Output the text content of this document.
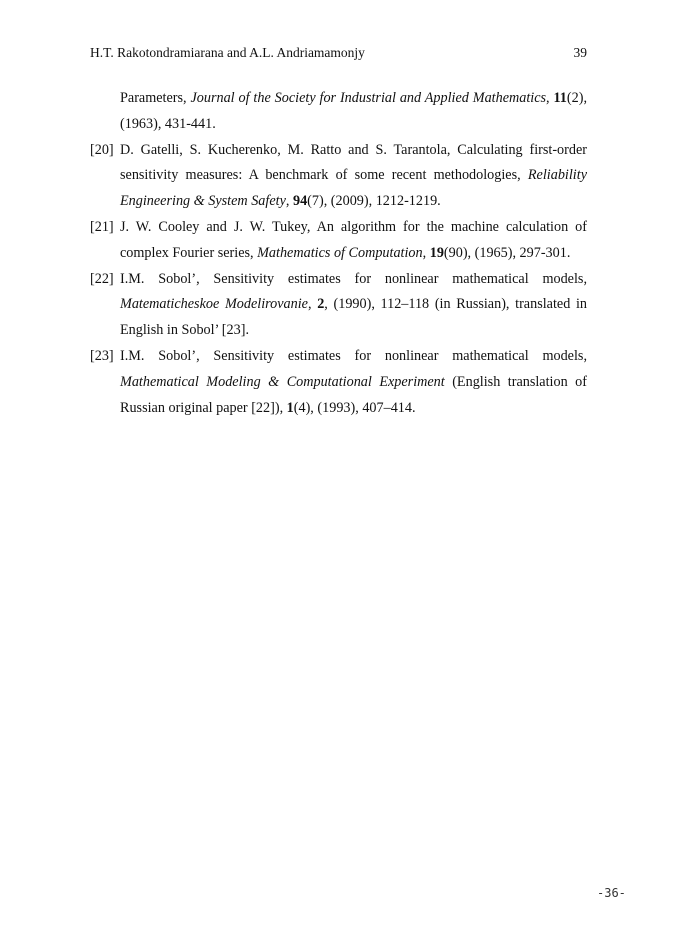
H.T. Rakotondramiarana and A.L. Andriamamonjy	39
Parameters, Journal of the Society for Industrial and Applied Mathematics, 11(2), (1963), 431-441.
[20] D. Gatelli, S. Kucherenko, M. Ratto and S. Tarantola, Calculating first-order sensitivity measures: A benchmark of some recent methodologies, Reliability Engineering & System Safety, 94(7), (2009), 1212-1219.
[21] J. W. Cooley and J. W. Tukey, An algorithm for the machine calculation of complex Fourier series, Mathematics of Computation, 19(90), (1965), 297-301.
[22] I.M. Sobol’, Sensitivity estimates for nonlinear mathematical models, Matematicheskoe Modelirovanie, 2, (1990), 112–118 (in Russian), translated in English in Sobol’ [23].
[23] I.M. Sobol’, Sensitivity estimates for nonlinear mathematical models, Mathematical Modeling & Computational Experiment (English translation of Russian original paper [22]), 1(4), (1993), 407–414.
-36-
